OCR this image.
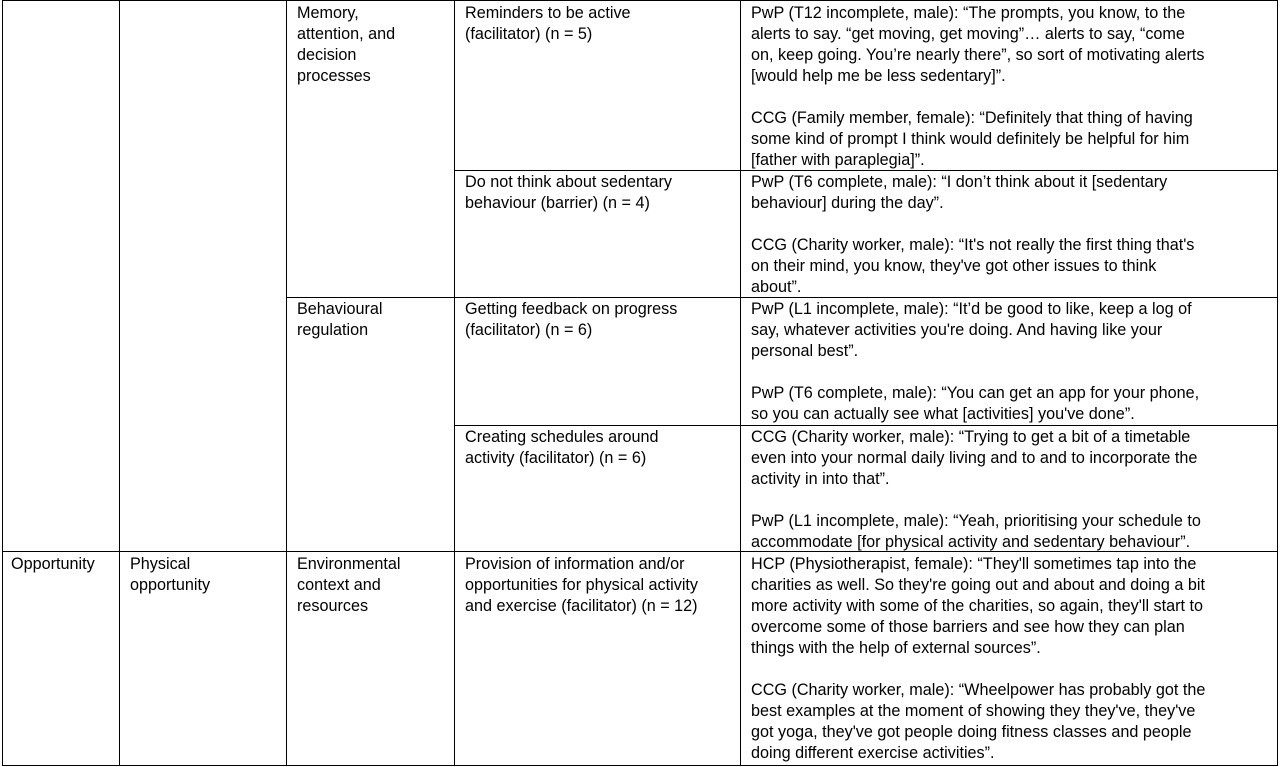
Memory,
attention, and
decision
processes
Reminders to be active
(facilitator) (n = 5)
PwP (T12 incomplete, male): “The prompts, you know, to the
alerts to say. “get moving, get moving”… alerts to say, “come
on, keep going. You’re nearly there”, so sort of motivating alerts
[would help me be less sedentary]”.
CCG (Family member, female): “Definitely that thing of having
some kind of prompt I think would definitely be helpful for him
[father with paraplegia]”.
Do not think about sedentary
behaviour (barrier) (n = 4)
PwP (T6 complete, male): “I don’t think about it [sedentary
behaviour] during the day”.
CCG (Charity worker, male): “It's not really the first thing that's
on their mind, you know, they've got other issues to think
about”.
Behavioural
regulation
Getting feedback on progress
(facilitator) (n = 6)
PwP (L1 incomplete, male): “It’d be good to like, keep a log of
say, whatever activities you're doing. And having like your
personal best”.
PwP (T6 complete, male): “You can get an app for your phone,
so you can actually see what [activities] you've done”.
Creating schedules around
activity (facilitator) (n = 6)
CCG (Charity worker, male): “Trying to get a bit of a timetable
even into your normal daily living and to and to incorporate the
activity in into that”.
PwP (L1 incomplete, male): “Yeah, prioritising your schedule to
accommodate [for physical activity and sedentary behaviour”.
Opportunity Physical
opportunity
Environmental
context and
resources
Provision of information and/or
opportunities for physical activity
and exercise (facilitator) (n = 12)
HCP (Physiotherapist, female): “They'll sometimes tap into the
charities as well. So they're going out and about and doing a bit
more activity with some of the charities, so again, they'll start to
overcome some of those barriers and see how they can plan
things with the help of external sources”.
CCG (Charity worker, male): “Wheelpower has probably got the
best examples at the moment of showing they they've, they've
got yoga, they've got people doing fitness classes and people
doing different exercise activities”.
